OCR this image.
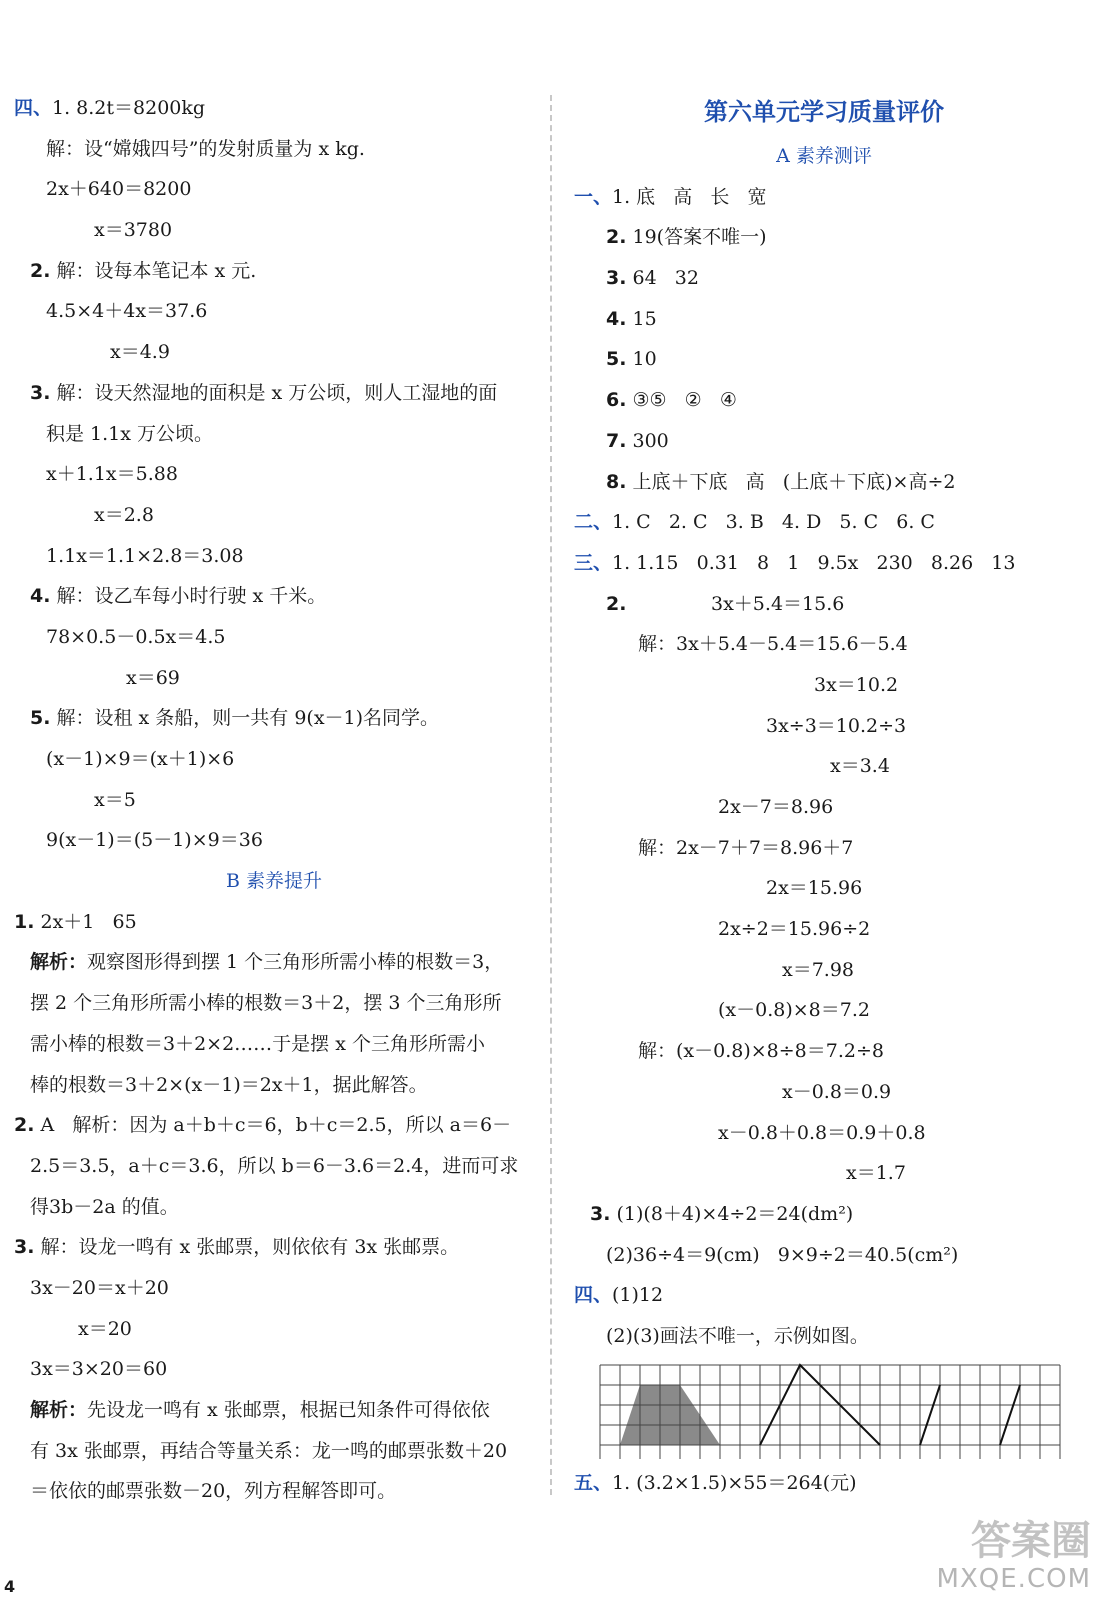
四、1. 8.2t＝8200kg
解：设“嫦娥四号”的发射质量为 x kg.
2x＋640＝8200
x＝3780
2. 解：设每本笔记本 x 元.
4.5×4＋4x＝37.6
x＝4.9
3. 解：设天然湿地的面积是 x 万公顷，则人工湿地的面
积是 1.1x 万公顷。
x＋1.1x＝5.88
x＝2.8
1.1x＝1.1×2.8＝3.08
4. 解：设乙车每小时行驶 x 千米。
78×0.5－0.5x＝4.5
x＝69
5. 解：设租 x 条船，则一共有 9(x－1)名同学。
(x－1)×9＝(x＋1)×6
x＝5
9(x－1)＝(5－1)×9＝36
B 素养提升
1. 2x＋1   65
解析：观察图形得到摆 1 个三角形所需小棒的根数＝3，
摆 2 个三角形所需小棒的根数＝3＋2，摆 3 个三角形所
需小棒的根数＝3＋2×2……于是摆 x 个三角形所需小
棒的根数＝3＋2×(x－1)＝2x＋1，据此解答。
2. A   解析：因为 a＋b＋c＝6，b＋c＝2.5，所以 a＝6－
2.5＝3.5，a＋c＝3.6，所以 b＝6－3.6＝2.4，进而可求
得3b－2a 的值。
3. 解：设龙一鸣有 x 张邮票，则依依有 3x 张邮票。
3x－20＝x＋20
x＝20
3x＝3×20＝60
解析：先设龙一鸣有 x 张邮票，根据已知条件可得依依
有 3x 张邮票，再结合等量关系：龙一鸣的邮票张数＋20
＝依依的邮票张数－20，列方程解答即可。
第六单元学习质量评价
A 素养测评
一、1. 底   高   长   宽
2. 19(答案不唯一)
3. 64   32
4. 15
5. 10
6. ③⑤   ②   ④
7. 300
8. 上底＋下底   高   (上底＋下底)×高÷2
二、1. C   2. C   3. B   4. D   5. C   6. C
三、1. 1.15   0.31   8   1   9.5x   230   8.26   13
2.              3x＋5.4＝15.6
解：3x＋5.4－5.4＝15.6－5.4
3x＝10.2
3x÷3＝10.2÷3
x＝3.4
2x－7＝8.96
解：2x－7＋7＝8.96＋7
2x＝15.96
2x÷2＝15.96÷2
x＝7.98
(x－0.8)×8＝7.2
解：(x－0.8)×8÷8＝7.2÷8
x－0.8＝0.9
x－0.8＋0.8＝0.9＋0.8
x＝1.7
3. (1)(8＋4)×4÷2＝24(dm²)
(2)36÷4＝9(cm)   9×9÷2＝40.5(cm²)
四、(1)12
(2)(3)画法不唯一，示例如图。
五、1. (3.2×1.5)×55＝264(元)
4
答案圈
MXQE.COM
